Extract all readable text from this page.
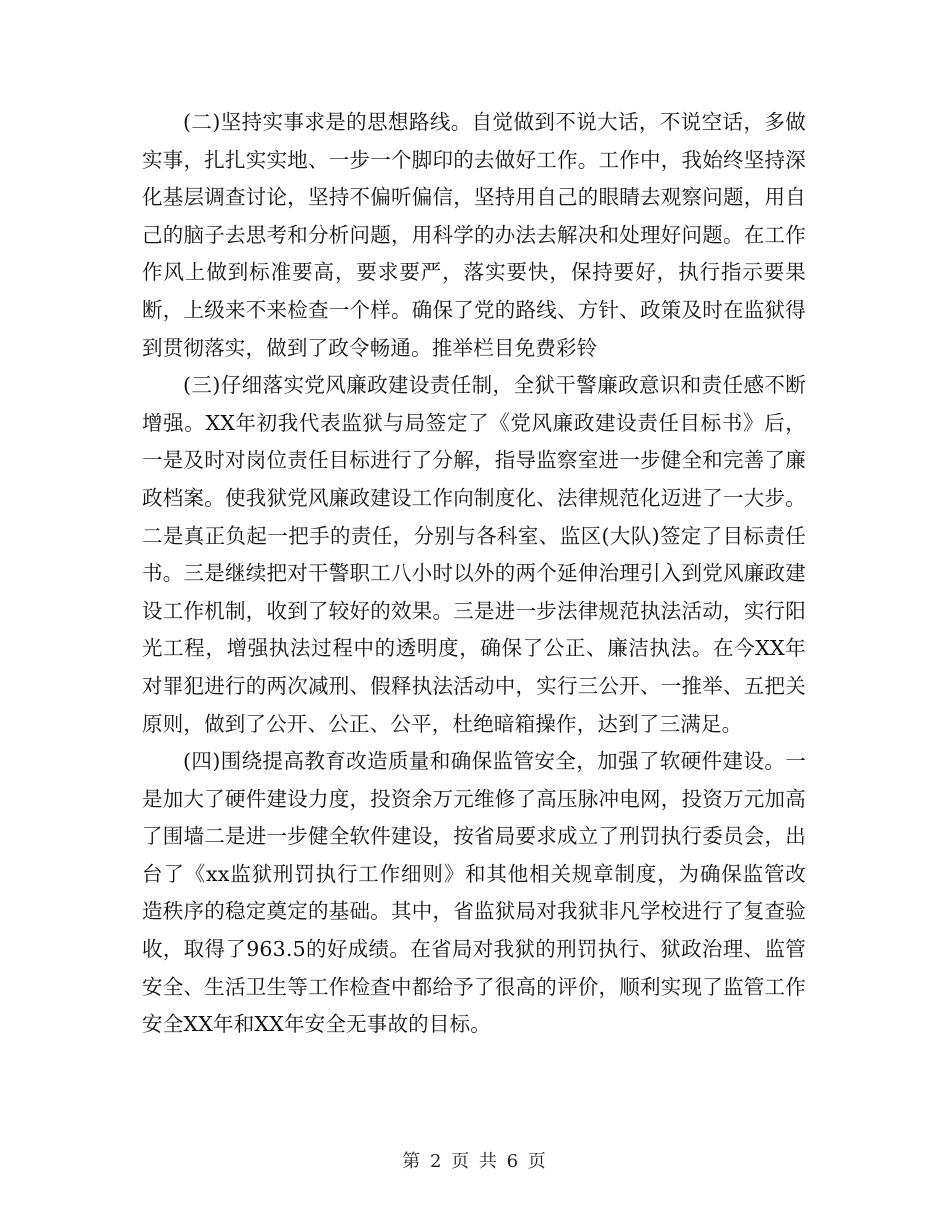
(二)坚持实事求是的思想路线。自觉做到不说大话，不说空话，多做实事，扎扎实实地、一步一个脚印的去做好工作。工作中，我始终坚持深化基层调查讨论，坚持不偏听偏信，坚持用自己的眼睛去观察问题，用自己的脑子去思考和分析问题，用科学的办法去解决和处理好问题。在工作作风上做到标准要高，要求要严，落实要快，保持要好，执行指示要果断，上级来不来检查一个样。确保了党的路线、方针、政策及时在监狱得到贯彻落实，做到了政令畅通。推举栏目免费彩铃

(三)仔细落实党风廉政建设责任制，全狱干警廉政意识和责任感不断增强。XX年初我代表监狱与局签定了《党风廉政建设责任目标书》后，一是及时对岗位责任目标进行了分解，指导监察室进一步健全和完善了廉政档案。使我狱党风廉政建设工作向制度化、法律规范化迈进了一大步。二是真正负起一把手的责任，分别与各科室、监区(大队)签定了目标责任书。三是继续把对干警职工八小时以外的两个延伸治理引入到党风廉政建设工作机制，收到了较好的效果。三是进一步法律规范执法活动，实行阳光工程，增强执法过程中的透明度，确保了公正、廉洁执法。在今XX年对罪犯进行的两次减刑、假释执法活动中，实行三公开、一推举、五把关原则，做到了公开、公正、公平，杜绝暗箱操作，达到了三满足。

(四)围绕提高教育改造质量和确保监管安全，加强了软硬件建设。一是加大了硬件建设力度，投资余万元维修了高压脉冲电网，投资万元加高了围墙二是进一步健全软件建设，按省局要求成立了刑罚执行委员会，出台了《xx监狱刑罚执行工作细则》和其他相关规章制度，为确保监管改造秩序的稳定奠定的基础。其中，省监狱局对我狱非凡学校进行了复查验收，取得了963.5的好成绩。在省局对我狱的刑罚执行、狱政治理、监管安全、生活卫生等工作检查中都给予了很高的评价，顺利实现了监管工作安全XX年和XX年安全无事故的目标。

第 2 页 共 6 页
